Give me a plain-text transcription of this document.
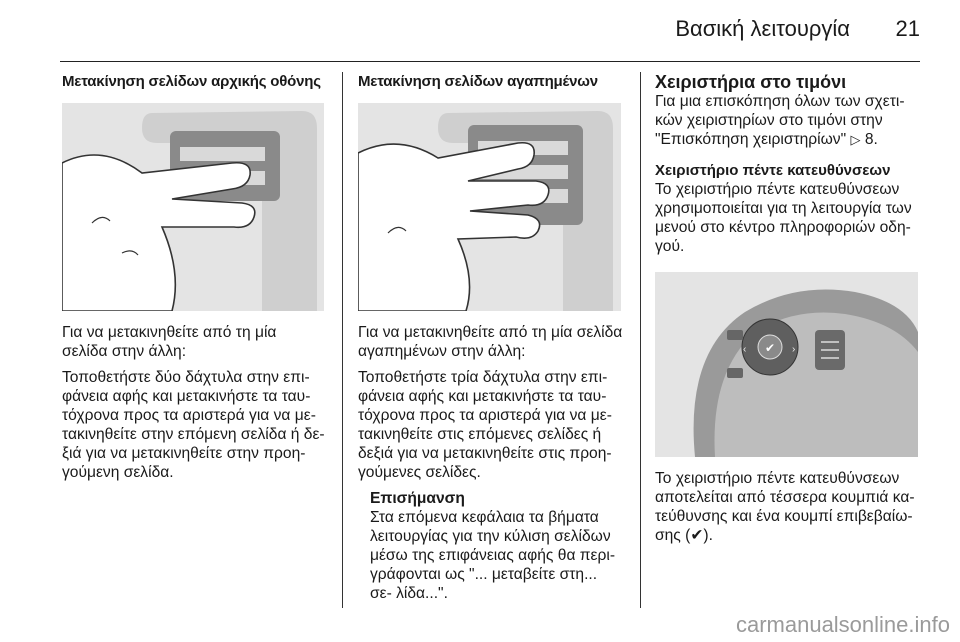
Βασική λειτουργία 21
Μετακίνηση σελίδων αρχικής οθόνης

Για να μετακινηθείτε από τη μία σελίδα στην άλλη:

Τοποθετήστε δύο δάχτυλα στην επι- φάνεια αφής και μετακινήστε τα ταυ- τόχρονα προς τα αριστερά για να με- τακινηθείτε στην επόμενη σελίδα ή δε- ξιά για να μετακινηθείτε στην προη- γούμενη σελίδα.

Μετακίνηση σελίδων αγαπημένων

Για να μετακινηθείτε από τη μία σελίδα αγαπημένων στην άλλη:

Τοποθετήστε τρία δάχτυλα στην επι- φάνεια αφής και μετακινήστε τα ταυ- τόχρονα προς τα αριστερά για να με- τακινηθείτε στις επόμενες σελίδες ή δεξιά για να μετακινηθείτε στις προη- γούμενες σελίδες.

Επισήμανση
Στα επόμενα κεφάλαια τα βήματα λειτουργίας για την κύλιση σελίδων μέσω της επιφάνειας αφής θα περι- γράφονται ως "... μεταβείτε στη... σε- λίδα...".
Χειριστήρια στο τιμόνι

Για μια επισκόπηση όλων των σχετι- κών χειριστηρίων στο τιμόνι στην "Επισκόπηση χειριστηρίων" ▷ 8.

Χειριστήριο πέντε κατευθύνσεων

Το χειριστήριο πέντε κατευθύνσεων χρησιμοποιείται για τη λειτουργία των μενού στο κέντρο πληροφοριών οδη- γού.

✔
‹	›

Το χειριστήριο πέντε κατευθύνσεων αποτελείται από τέσσερα κουμπιά κα- τεύθυνσης και ένα κουμπί επιβεβαίω- σης (✔).

carmanualsonline.info
